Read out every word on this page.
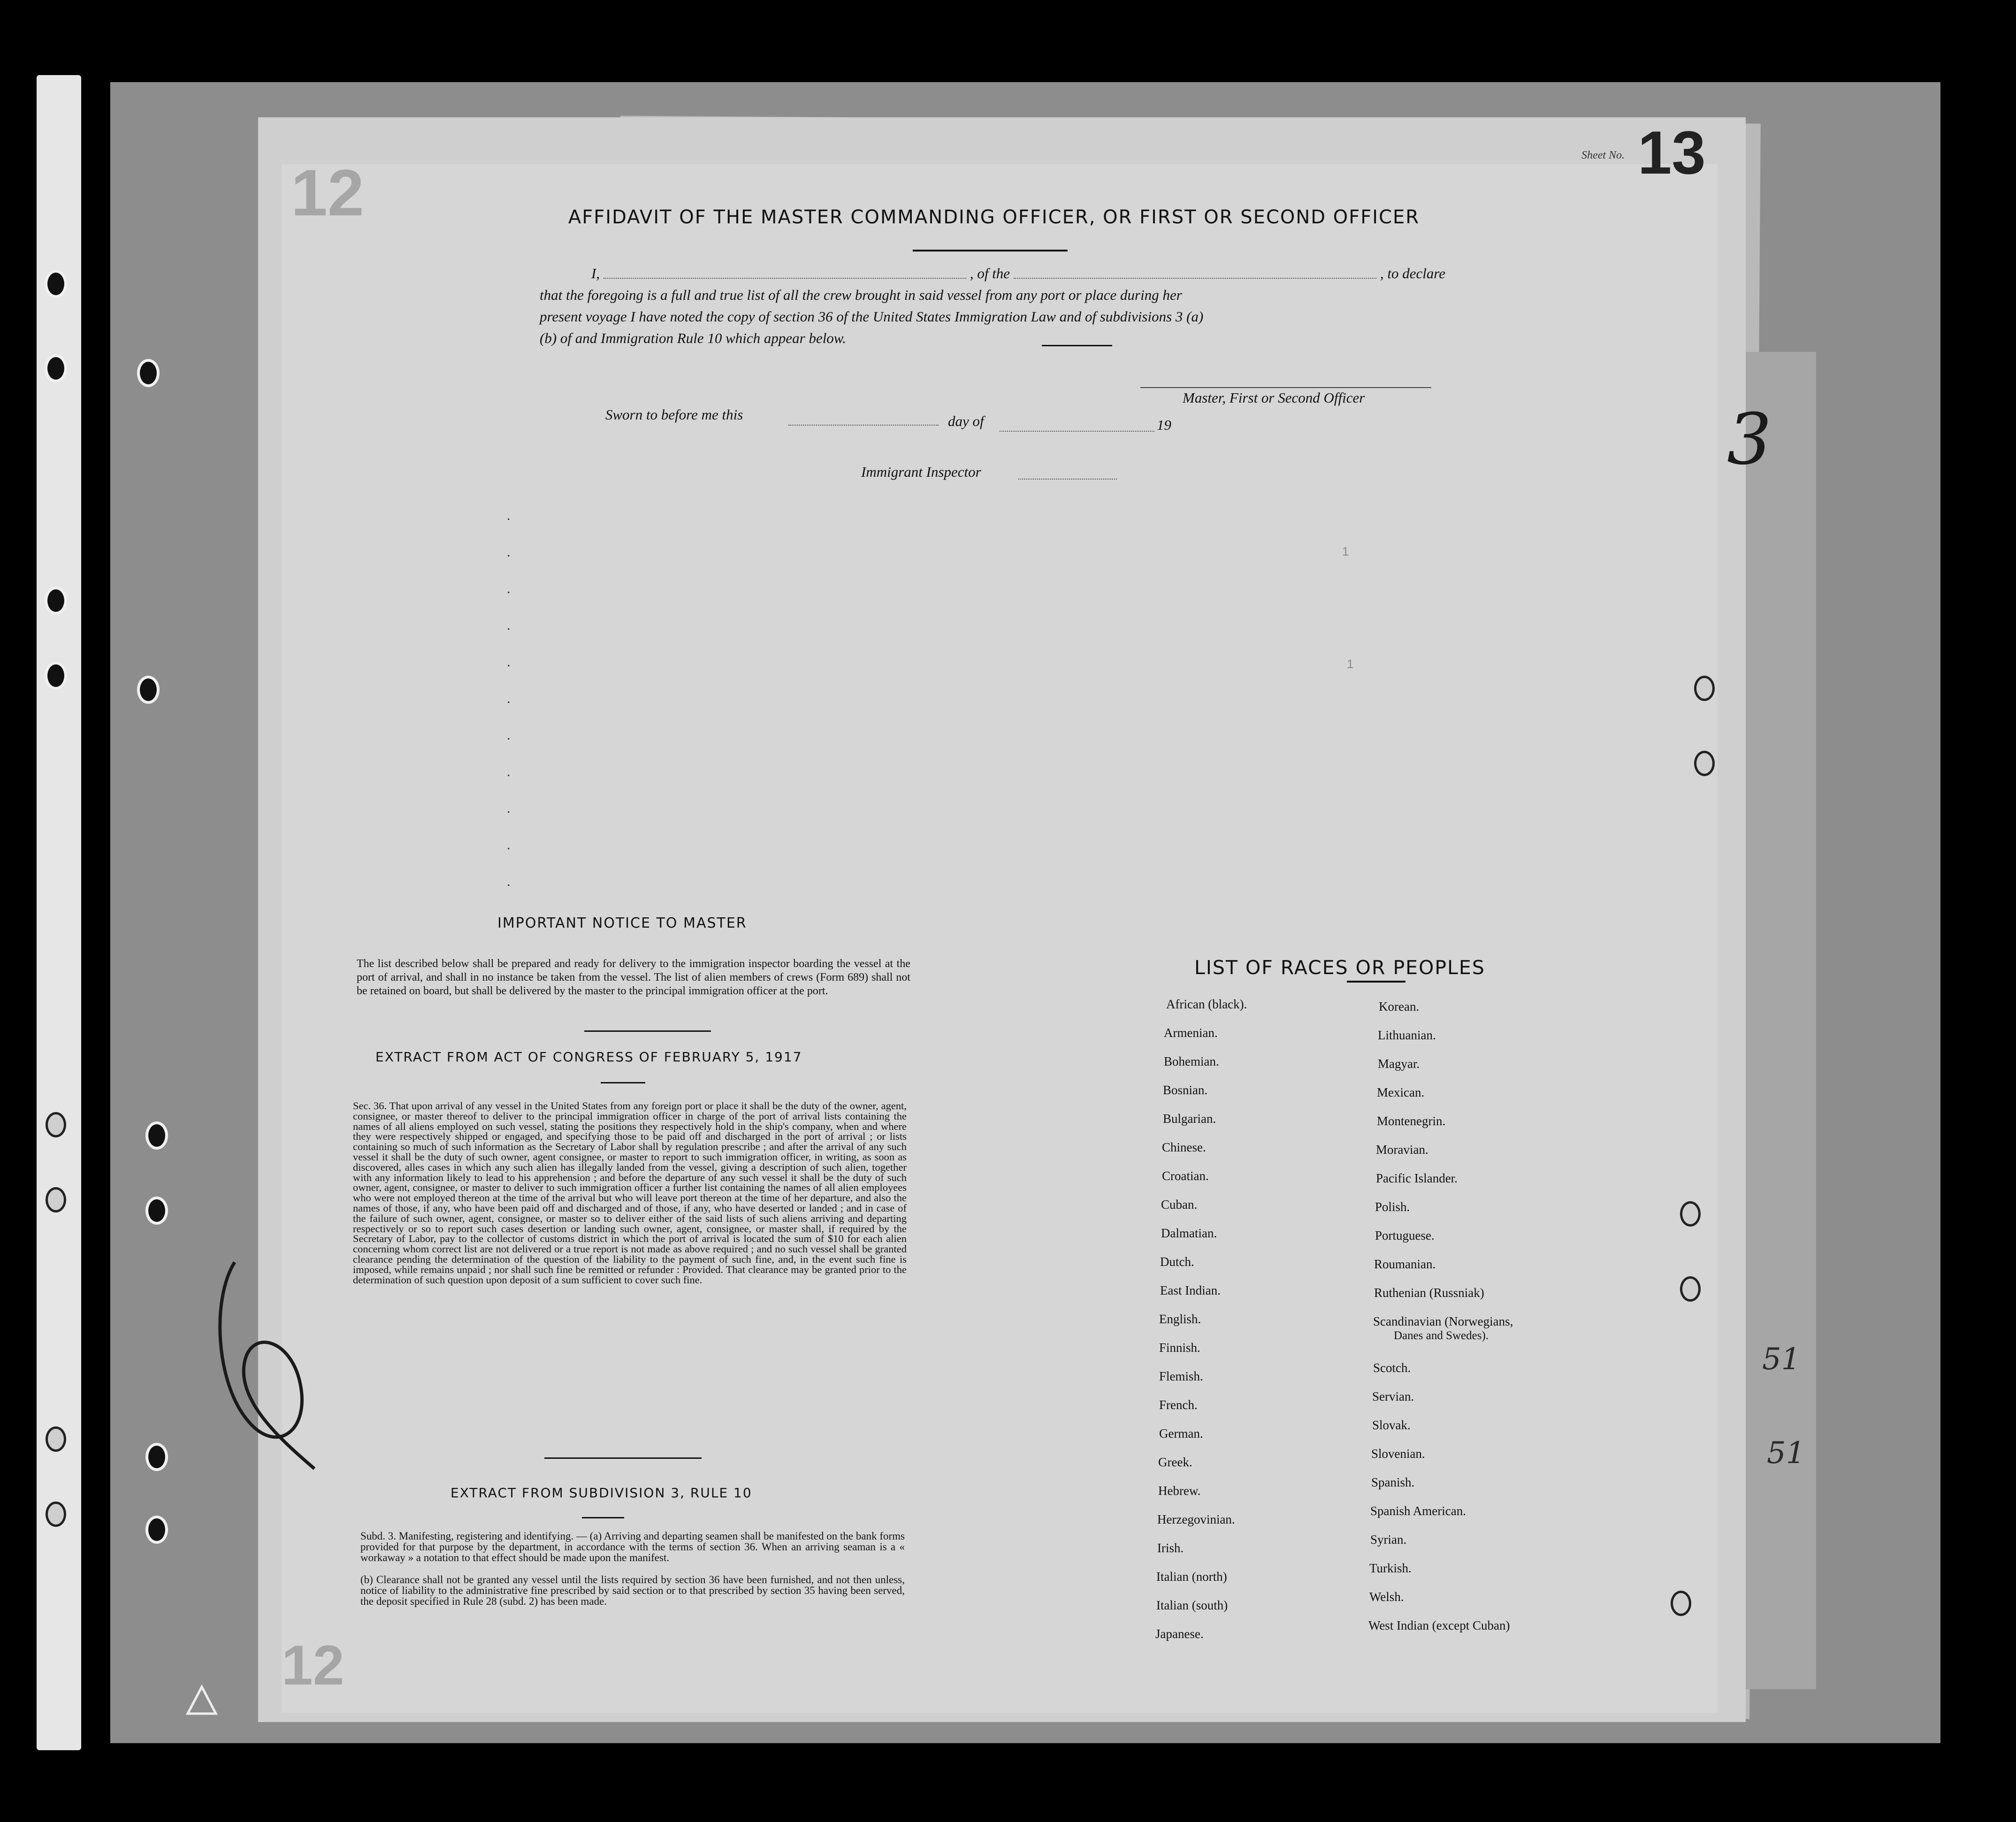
12
12
Sheet No. 13
AFFIDAVIT OF THE MASTER COMMANDING OFFICER, OR FIRST OR SECOND OFFICER
I,	, of the	, to declare
that the foregoing is a full and true list of all the crew brought in said vessel from any port or place during her
present voyage I have noted the copy of section 36 of the United States Immigration Law and of subdivisions 3 (a)
(b) of and Immigration Rule 10 which appear below.
Master, First or Second Officer
Sworn to before me this	day of	19
Immigrant Inspector
.
.
.
.
.
.
.
.
.
.
.
1
1
IMPORTANT NOTICE TO MASTER
The list described below shall be prepared and ready for delivery to the immigration inspector boarding the vessel at the port of arrival, and shall in no instance be taken from the vessel. The list of alien members of crews (Form 689) shall not be retained on board, but shall be delivered by the master to the principal immigration officer at the port.
EXTRACT FROM ACT OF CONGRESS OF FEBRUARY 5, 1917
Sec. 36. That upon arrival of any vessel in the United States from any foreign port or place it shall be the duty of the owner, agent, consignee, or master thereof to deliver to the principal immigration officer in charge of the port of arrival lists containing the names of all aliens employed on such vessel, stating the positions they respectively hold in the ship's company, when and where they were respectively shipped or engaged, and specifying those to be paid off and discharged in the port of arrival ; or lists containing so much of such information as the Secretary of Labor shall by regulation prescribe ; and after the arrival of any such vessel it shall be the duty of such owner, agent consignee, or master to report to such immigration officer, in writing, as soon as discovered, alles cases in which any such alien has illegally landed from the vessel, giving a description of such alien, together with any information likely to lead to his apprehension ; and before the departure of any such vessel it shall be the duty of such owner, agent, consignee, or master to deliver to such immigration officer a further list containing the names of all alien employees who were not employed thereon at the time of the arrival but who will leave port thereon at the time of her departure, and also the names of those, if any, who have been paid off and discharged and of those, if any, who have deserted or landed ; and in case of the failure of such owner, agent, consignee, or master so to deliver either of the said lists of such aliens arriving and departing respectively or so to report such cases desertion or landing such owner, agent, consignee, or master shall, if required by the Secretary of Labor, pay to the collector of customs district in which the port of arrival is located the sum of $10 for each alien concerning whom correct list are not delivered or a true report is not made as above required ; and no such vessel shall be granted clearance pending the determination of the question of the liability to the payment of such fine, and, in the event such fine is imposed, while remains unpaid ; nor shall such fine be remitted or refunder : Provided. That clearance may be granted prior to the determination of such question upon deposit of a sum sufficient to cover such fine.
EXTRACT FROM SUBDIVISION 3, RULE 10
Subd. 3. Manifesting, registering and identifying. — (a) Arriving and departing seamen shall be manifested on the bank forms provided for that purpose by the department, in accordance with the terms of section 36. When an arriving seaman is a « workaway » a notation to that effect should be made upon the manifest.
(b) Clearance shall not be granted any vessel until the lists required by section 36 have been furnished, and not then unless, notice of liability to the administrative fine prescribed by said section or to that prescribed by section 35 having been served, the deposit specified in Rule 28 (subd. 2) has been made.
LIST OF RACES OR PEOPLES
African (black).
Armenian.
Bohemian.
Bosnian.
Bulgarian.
Chinese.
Croatian.
Cuban.
Dalmatian.
Dutch.
East Indian.
English.
Finnish.
Flemish.
French.
German.
Greek.
Hebrew.
Herzegovinian.
Irish.
Italian (north)
Italian (south)
Japanese.
Korean.
Lithuanian.
Magyar.
Mexican.
Montenegrin.
Moravian.
Pacific Islander.
Polish.
Portuguese.
Roumanian.
Ruthenian (Russniak)
Scandinavian (Norwegians,
Danes and Swedes).
Scotch.
Servian.
Slovak.
Slovenian.
Spanish.
Spanish American.
Syrian.
Turkish.
Welsh.
West Indian (except Cuban)
51
51
3
